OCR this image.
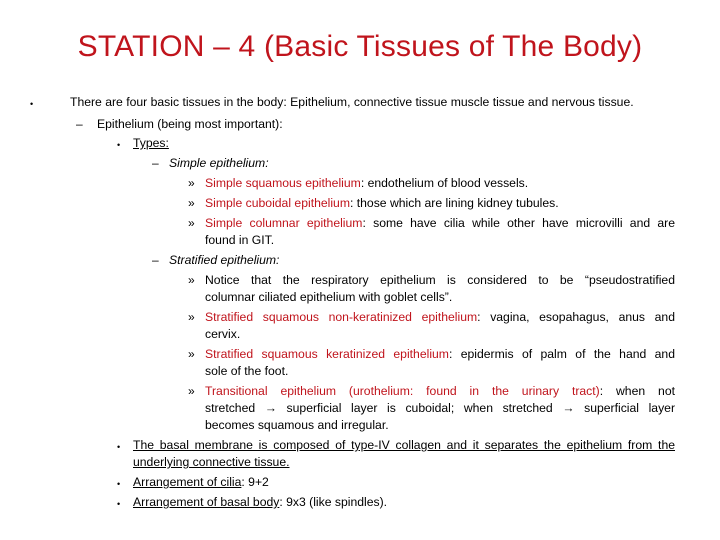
STATION – 4 (Basic Tissues of The Body)
•	There are four basic tissues in the body: Epithelium, connective tissue muscle tissue and nervous tissue.
– Epithelium (being most important):
• Types:
– Simple epithelium:
» Simple squamous epithelium: endothelium of blood vessels.
» Simple cuboidal epithelium: those which are lining kidney tubules.
» Simple columnar epithelium: some have cilia while other have microvilli and are
found in GIT.
– Stratified epithelium:
» Notice that the respiratory epithelium is considered to be “pseudostratified
columnar ciliated epithelium with goblet cells”.
» Stratified squamous non-keratinized epithelium: vagina, esopahagus, anus and
cervix.
» Stratified squamous keratinized epithelium: epidermis of palm of the hand and
sole of the foot.
» Transitional epithelium (urothelium: found in the urinary tract): when not
stretched → superficial layer is cuboidal; when stretched → superficial layer
becomes squamous and irregular.
• The basal membrane is composed of type-IV collagen and it separates the epithelium from the
underlying connective tissue.
• Arrangement of cilia: 9+2
• Arrangement of basal body: 9x3 (like spindles).
